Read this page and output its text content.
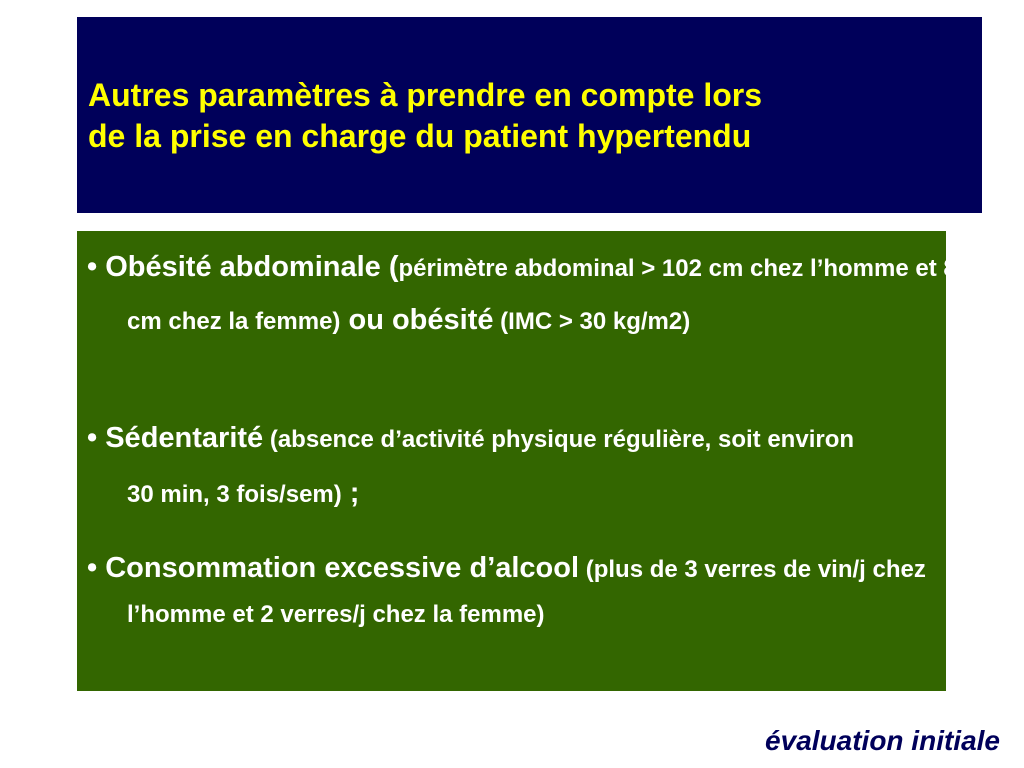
Autres paramètres à prendre en compte lors
de la prise en charge du patient hypertendu

• Obésité abdominale (périmètre abdominal > 102 cm chez l’homme et 88 cm chez la femme) ou obésité (IMC > 30 kg/m2)

• Sédentarité (absence d’activité physique régulière, soit environ 30 min, 3 fois/sem) ;

• Consommation excessive d’alcool (plus de 3 verres de vin/j chez l’homme et 2 verres/j chez la femme)

évaluation initiale
